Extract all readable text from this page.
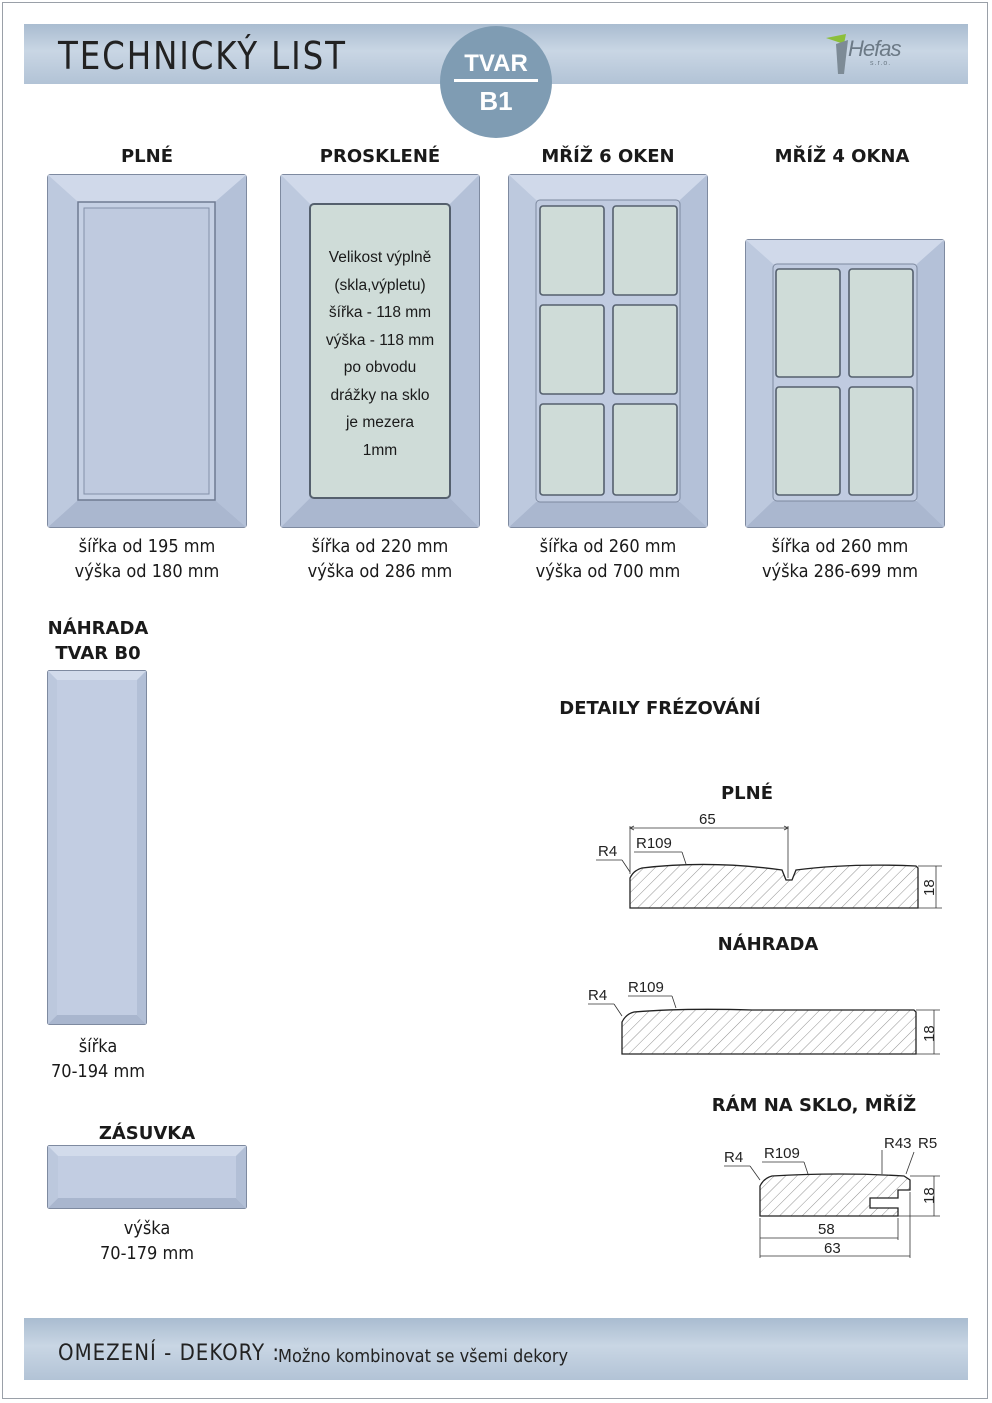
TECHNICKÝ LIST	TVAR
B1
Hefas
s.r.o.
PLNÉ	PROSKLENÉ	MŘÍŽ 6 OKEN	MŘÍŽ 4 OKNA
Velikost výplně
(skla,výpletu)
šířka - 118 mm
výška - 118 mm
po obvodu
drážky na sklo
je mezera
1mm
šířka od 195 mm
výška od 180 mm
šířka od 220 mm
výška od 286 mm
šířka od 260 mm
výška od 700 mm
šířka od 260 mm
výška 286-699 mm
NÁHRADA
TVAR B0
šířka
70-194 mm
ZÁSUVKA
výška
70-179 mm
DETAILY FRÉZOVÁNÍ
PLNÉ
65
R109
R4
18
NÁHRADA
R109
R4
18
RÁM NA SKLO, MŘÍŽ
R109
R4
R43 R5
18
58
63
OMEZENÍ - DEKORY :
Možno kombinovat se všemi dekory
